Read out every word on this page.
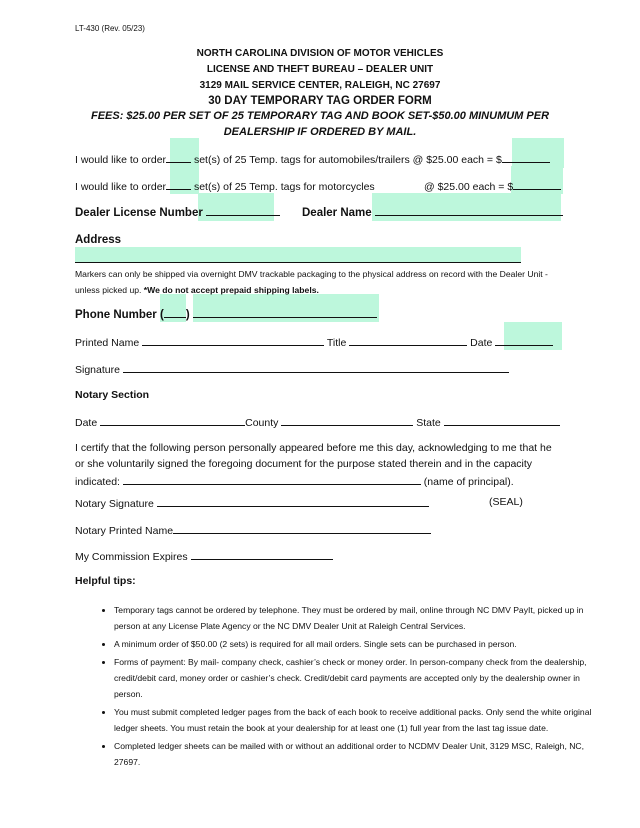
LT-430 (Rev. 05/23)
NORTH CAROLINA DIVISION OF MOTOR VEHICLES
LICENSE AND THEFT BUREAU – DEALER UNIT
3129 MAIL SERVICE CENTER, RALEIGH, NC 27697
30 DAY TEMPORARY TAG ORDER FORM
FEES: $25.00 PER SET OF 25 TEMPORARY TAG AND BOOK SET-$50.00 MINUMUM PER
DEALERSHIP IF ORDERED BY MAIL.
I would like to order	set(s) of 25 Temp. tags for automobiles/trailers @ $25.00 each = $
I would like to order	set(s) of 25 Temp. tags for motorcycles	@ $25.00 each = $
Dealer License Number	Dealer Name
Address
Markers can only be shipped via overnight DMV trackable packaging to the physical address on record with the Dealer Unit - unless picked up. *We do not accept prepaid shipping labels.
Phone Number ( )
Printed Name	Title	Date
Signature
Notary Section
Date	County	State
I certify that the following person personally appeared before me this day, acknowledging to me that he
or she voluntarily signed the foregoing document for the purpose stated therein and in the capacity
indicated:	(name of principal).
Notary Signature	(SEAL)
Notary Printed Name
My Commission Expires
Helpful tips:
• Temporary tags cannot be ordered by telephone. They must be ordered by mail, online through NC DMV PayIt, picked up in person at any License Plate Agency or the NC DMV Dealer Unit at Raleigh Central Services.
• A minimum order of $50.00 (2 sets) is required for all mail orders. Single sets can be purchased in person.
• Forms of payment: By mail- company check, cashier’s check or money order. In person-company check from the dealership, credit/debit card, money order or cashier’s check. Credit/debit card payments are accepted only by the dealership owner in person.
• You must submit completed ledger pages from the back of each book to receive additional packs. Only send the white original ledger sheets. You must retain the book at your dealership for at least one (1) full year from the last tag issue date.
• Completed ledger sheets can be mailed with or without an additional order to NCDMV Dealer Unit, 3129 MSC, Raleigh, NC, 27697.
